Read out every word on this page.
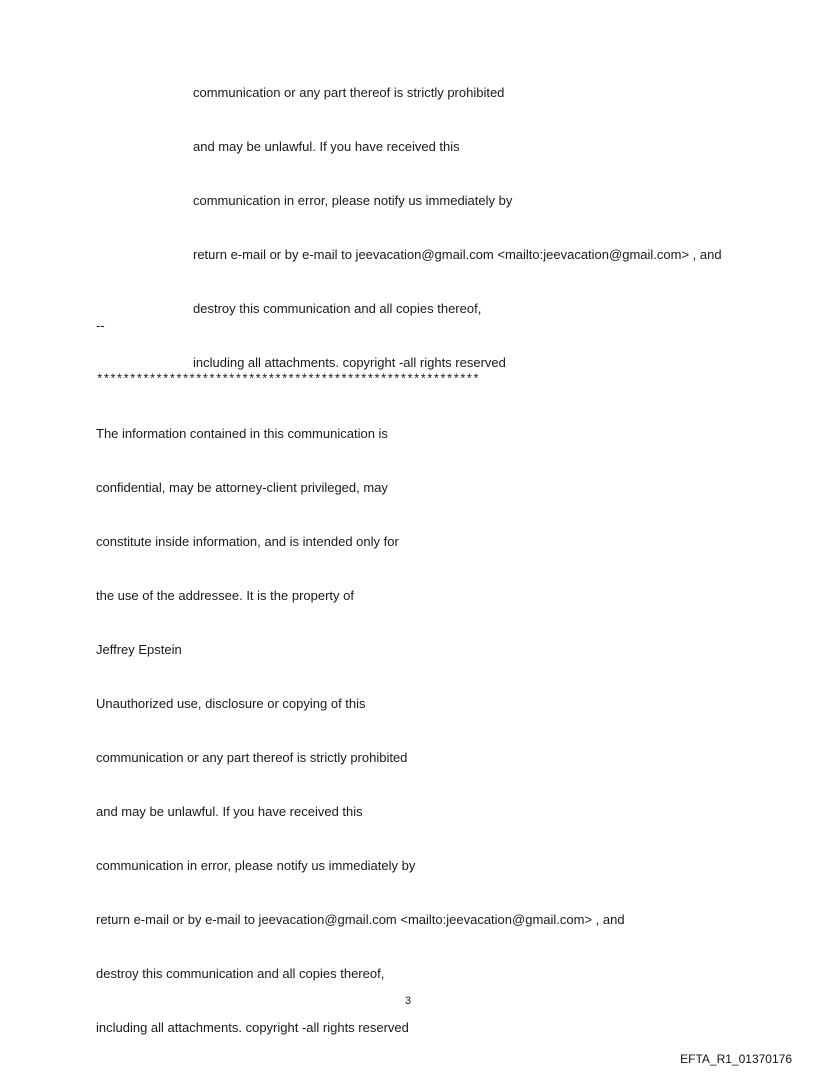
communication or any part thereof is strictly prohibited

and may be unlawful. If you have received this

communication in error, please notify us immediately by

return e-mail or by e-mail to jeevacation@gmail.com <mailto:jeevacation@gmail.com> , and

destroy this communication and all copies thereof,

including all attachments. copyright -all rights reserved

--

**********************************************************

The information contained in this communication is

confidential, may be attorney-client privileged, may

constitute inside information, and is intended only for

the use of the addressee. It is the property of

Jeffrey Epstein

Unauthorized use, disclosure or copying of this

communication or any part thereof is strictly prohibited

and may be unlawful. If you have received this

communication in error, please notify us immediately by

return e-mail or by e-mail to jeevacation@gmail.com <mailto:jeevacation@gmail.com> , and

destroy this communication and all copies thereof,

including all attachments. copyright -all rights reserved

3
EFTA_R1_01370176
